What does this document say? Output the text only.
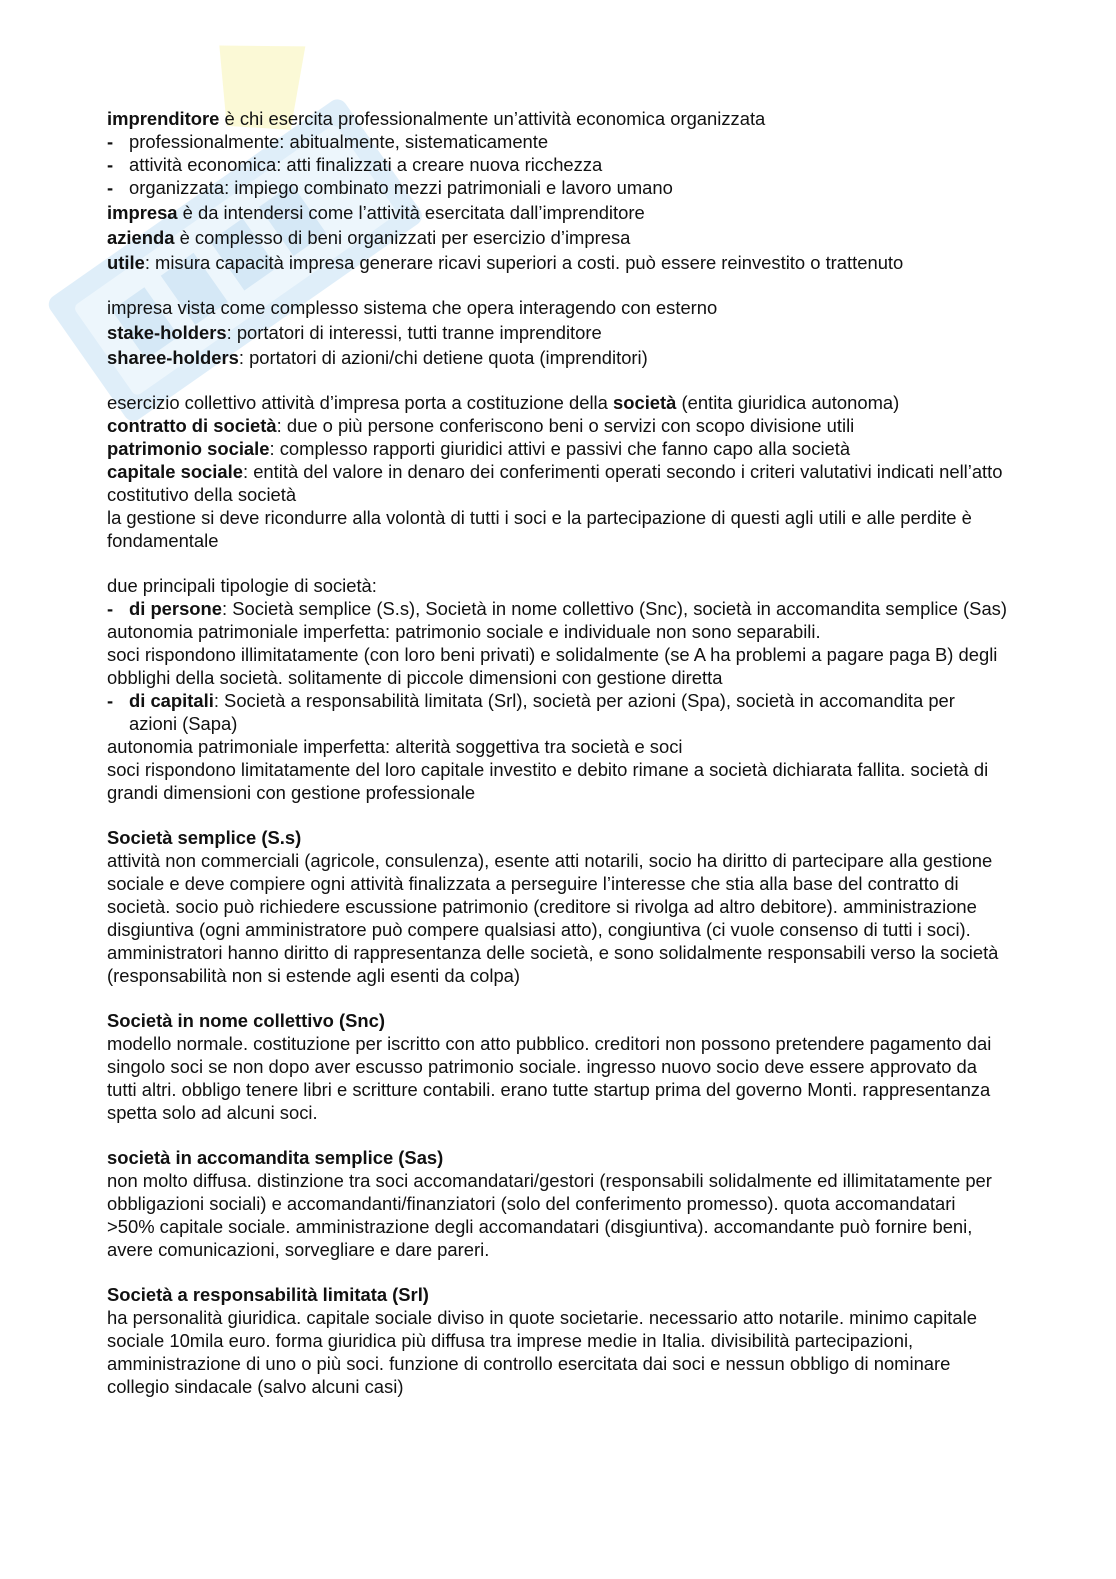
imprenditore è chi esercita professionalmente un’attività economica organizzata

- professionalmente: abitualmente, sistematicamente

- attività economica: atti finalizzati a creare nuova ricchezza

- organizzata: impiego combinato mezzi patrimoniali e lavoro umano

impresa è da intendersi come l’attività esercitata dall’imprenditore

azienda è complesso di beni organizzati per esercizio d’impresa

utile: misura capacità impresa generare ricavi superiori a costi. può essere reinvestito o trattenuto

impresa vista come complesso sistema che opera interagendo con esterno

stake-holders: portatori di interessi, tutti tranne imprenditore

sharee-holders: portatori di azioni/chi detiene quota (imprenditori)

esercizio collettivo attività d’impresa porta a costituzione della società (entita giuridica autonoma)

contratto di società: due o più persone conferiscono beni o servizi con scopo divisione utili

patrimonio sociale: complesso rapporti giuridici attivi e passivi che fanno capo alla società

capitale sociale: entità del valore in denaro dei conferimenti operati secondo i criteri valutativi indicati nell’atto costitutivo della società

la gestione si deve ricondurre alla volontà di tutti i soci e la partecipazione di questi agli utili e alle perdite è fondamentale

due principali tipologie di società:

- di persone: Società semplice (S.s), Società in nome collettivo (Snc), società in accomandita semplice (Sas)

autonomia patrimoniale imperfetta: patrimonio sociale e individuale non sono separabili.

soci rispondono illimitatamente (con loro beni privati) e solidalmente (se A ha problemi a pagare paga B) degli obblighi della società. solitamente di piccole dimensioni con gestione diretta

- di capitali: Società a responsabilità limitata (Srl), società per azioni (Spa), società in accomandita per azioni (Sapa)

autonomia patrimoniale imperfetta: alterità soggettiva tra società e soci

soci rispondono limitatamente del loro capitale investito e debito rimane a società dichiarata fallita. società di grandi dimensioni con gestione professionale

Società semplice (S.s)

attività non commerciali (agricole, consulenza), esente atti notarili, socio ha diritto di partecipare alla gestione sociale e deve compiere ogni attività finalizzata a perseguire l’interesse che stia alla base del contratto di società. socio può richiedere escussione patrimonio (creditore si rivolga ad altro debitore). amministrazione disgiuntiva (ogni amministratore può compere qualsiasi atto), congiuntiva (ci vuole consenso di tutti i soci).

amministratori hanno diritto di rappresentanza delle società, e sono solidalmente responsabili verso la società (responsabilità non si estende agli esenti da colpa)

Società in nome collettivo (Snc)

modello normale. costituzione per iscritto con atto pubblico. creditori non possono pretendere pagamento dai singolo soci se non dopo aver escusso patrimonio sociale. ingresso nuovo socio deve essere approvato da tutti altri. obbligo tenere libri e scritture contabili. erano tutte startup prima del governo Monti. rappresentanza spetta solo ad alcuni soci.

società in accomandita semplice (Sas)

non molto diffusa. distinzione tra soci accomandatari/gestori (responsabili solidalmente ed illimitatamente per obbligazioni sociali) e accomandanti/finanziatori (solo del conferimento promesso). quota accomandatari >50% capitale sociale. amministrazione degli accomandatari (disgiuntiva). accomandante può fornire beni, avere comunicazioni, sorvegliare e dare pareri.

Società a responsabilità limitata (Srl)

ha personalità giuridica. capitale sociale diviso in quote societarie. necessario atto notarile. minimo capitale sociale 10mila euro. forma giuridica più diffusa tra imprese medie in Italia. divisibilità partecipazioni, amministrazione di uno o più soci. funzione di controllo esercitata dai soci e nessun obbligo di nominare collegio sindacale (salvo alcuni casi)
